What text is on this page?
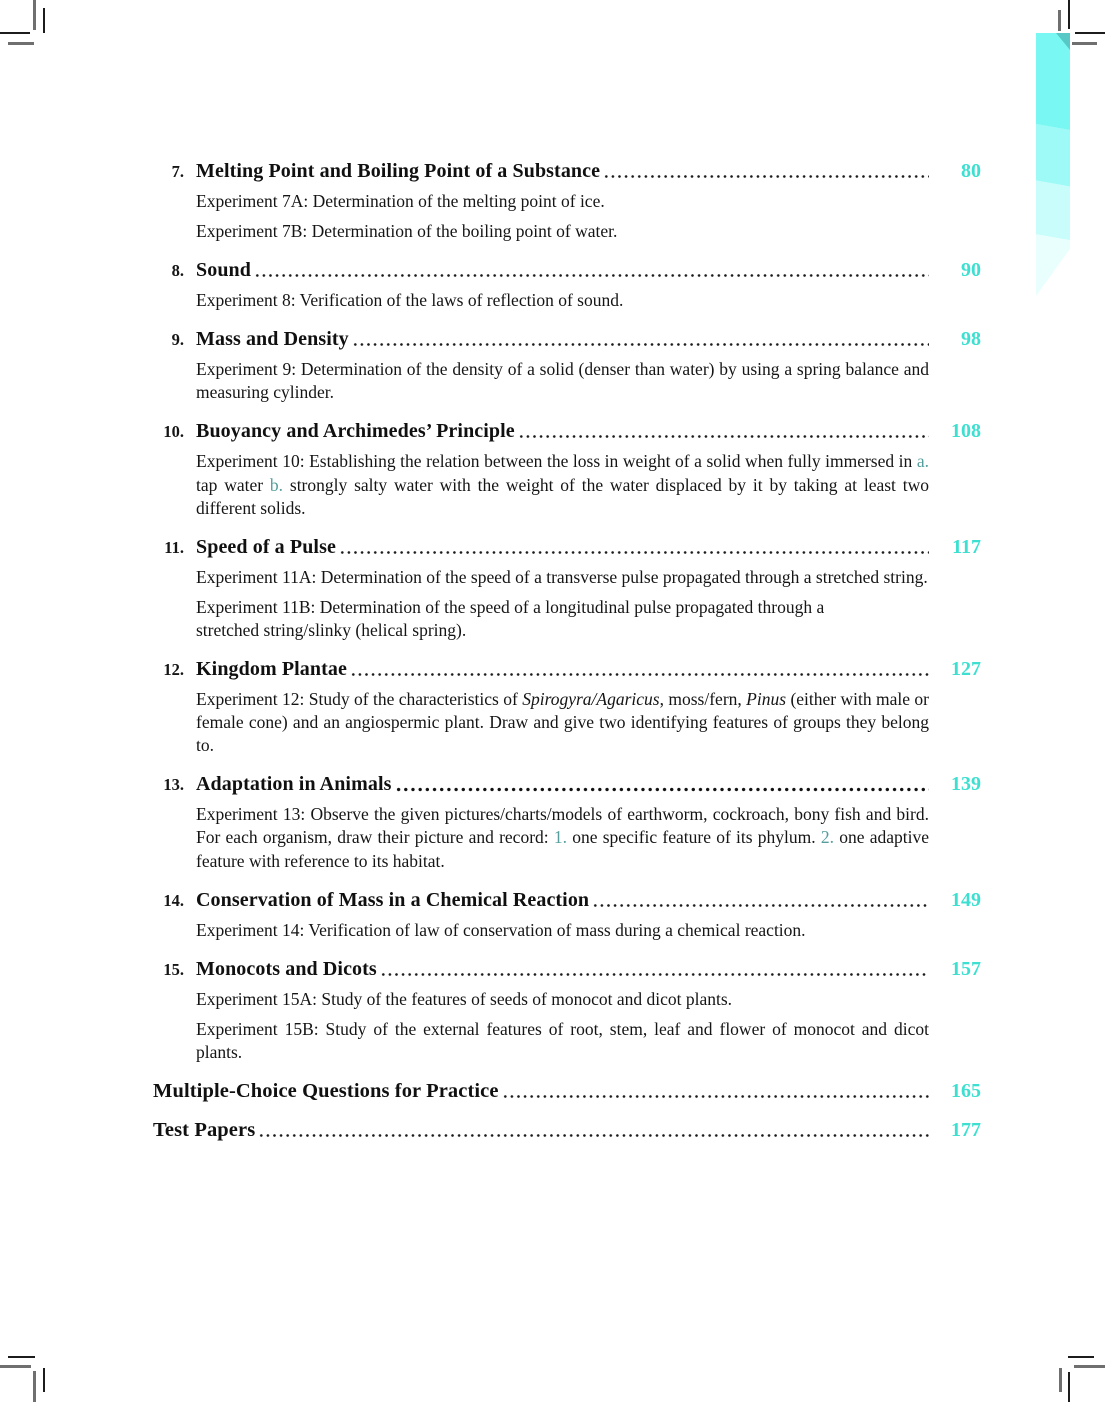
7. Melting Point and Boiling Point of a Substance	80

Experiment 7A: Determination of the melting point of ice.

Experiment 7B: Determination of the boiling point of water.

8. Sound	90

Experiment 8: Verification of the laws of reflection of sound.

9. Mass and Density	98

Experiment 9: Determination of the density of a solid (denser than water) by using a spring balance and measuring cylinder.

10. Buoyancy and Archimedes’ Principle	108

Experiment 10: Establishing the relation between the loss in weight of a solid when fully immersed in a. tap water b. strongly salty water with the weight of the water displaced by it by taking at least two different solids.

11. Speed of a Pulse	117

Experiment 11A: Determination of the speed of a transverse pulse propagated through a stretched string.

Experiment 11B: Determination of the speed of a longitudinal pulse propagated through a stretched string/slinky (helical spring).

12. Kingdom Plantae	127

Experiment 12: Study of the characteristics of Spirogyra/Agaricus, moss/fern, Pinus (either with male or female cone) and an angiospermic plant. Draw and give two identifying features of groups they belong to.

13. Adaptation in Animals	139

Experiment 13: Observe the given pictures/charts/models of earthworm, cockroach, bony fish and bird. For each organism, draw their picture and record: 1. one specific feature of its phylum. 2. one adaptive feature with reference to its habitat.

14. Conservation of Mass in a Chemical Reaction	149

Experiment 14: Verification of law of conservation of mass during a chemical reaction.

15. Monocots and Dicots	157

Experiment 15A: Study of the features of seeds of monocot and dicot plants.

Experiment 15B: Study of the external features of root, stem, leaf and flower of monocot and dicot plants.

Multiple-Choice Questions for Practice	165
Test Papers	177
